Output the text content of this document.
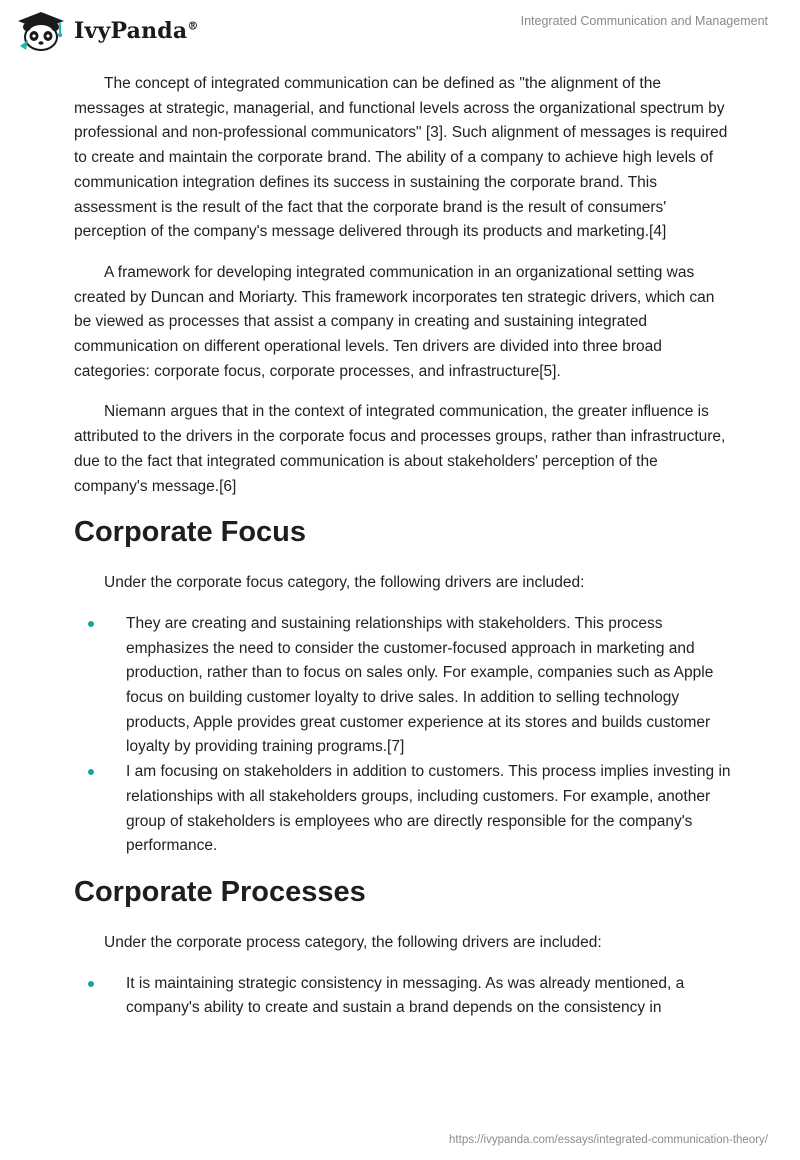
IvyPanda®	Integrated Communication and Management

The concept of integrated communication can be defined as "the alignment of the messages at strategic, managerial, and functional levels across the organizational spectrum by professional and non-professional communicators" [3]. Such alignment of messages is required to create and maintain the corporate brand. The ability of a company to achieve high levels of communication integration defines its success in sustaining the corporate brand. This assessment is the result of the fact that the corporate brand is the result of consumers' perception of the company's message delivered through its products and marketing.[4]

A framework for developing integrated communication in an organizational setting was created by Duncan and Moriarty. This framework incorporates ten strategic drivers, which can be viewed as processes that assist a company in creating and sustaining integrated communication on different operational levels. Ten drivers are divided into three broad categories: corporate focus, corporate processes, and infrastructure[5].

Niemann argues that in the context of integrated communication, the greater influence is attributed to the drivers in the corporate focus and processes groups, rather than infrastructure, due to the fact that integrated communication is about stakeholders' perception of the company's message.[6]

Corporate Focus

Under the corporate focus category, the following drivers are included:

They are creating and sustaining relationships with stakeholders. This process emphasizes the need to consider the customer-focused approach in marketing and production, rather than to focus on sales only. For example, companies such as Apple focus on building customer loyalty to drive sales. In addition to selling technology products, Apple provides great customer experience at its stores and builds customer loyalty by providing training programs.[7]
I am focusing on stakeholders in addition to customers. This process implies investing in relationships with all stakeholders groups, including customers. For example, another group of stakeholders is employees who are directly responsible for the company's performance.
Corporate Processes

Under the corporate process category, the following drivers are included:

It is maintaining strategic consistency in messaging. As was already mentioned, a company's ability to create and sustain a brand depends on the consistency in
https://ivypanda.com/essays/integrated-communication-theory/
